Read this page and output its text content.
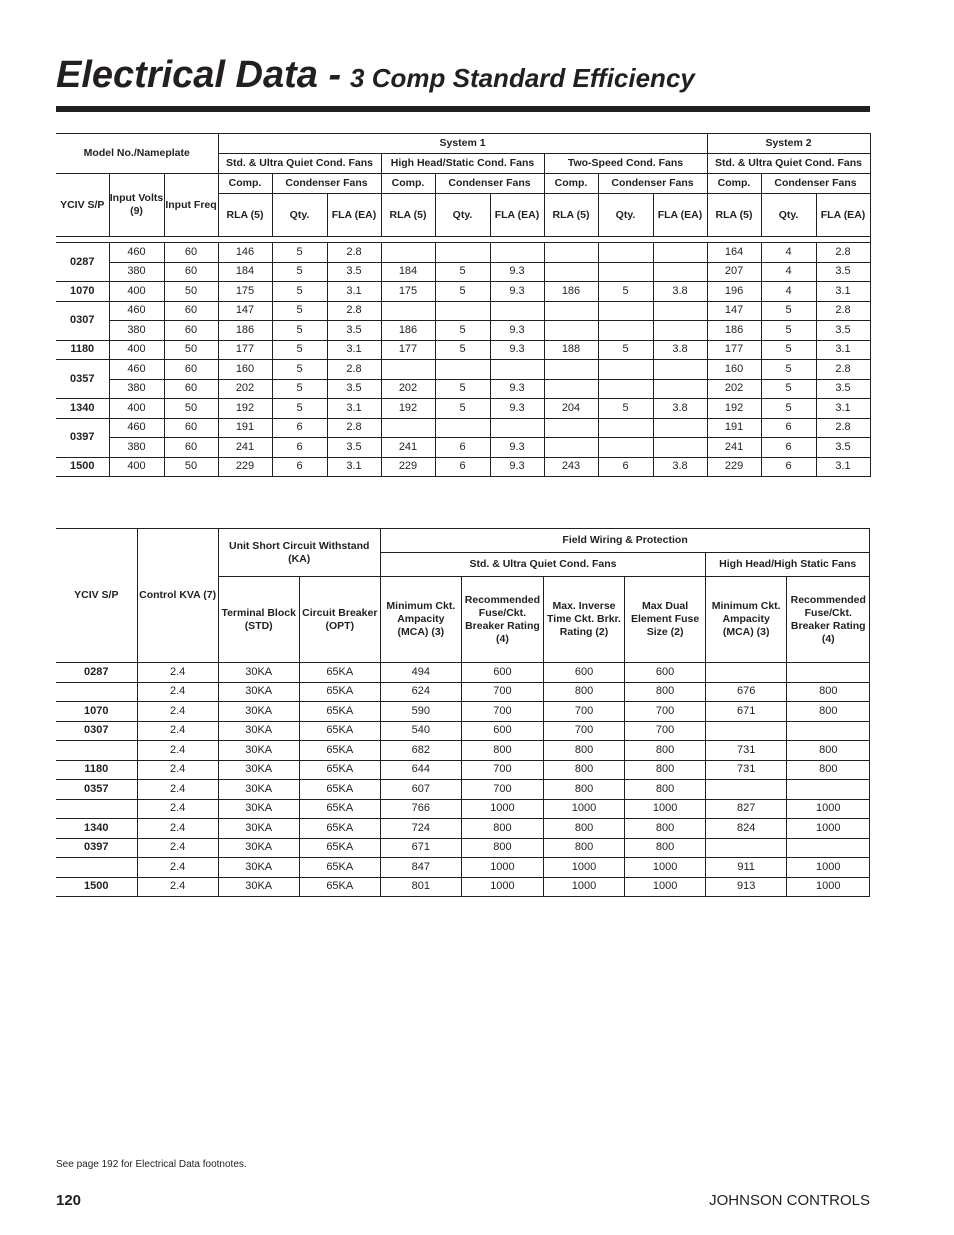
Electrical Data - 3 Comp Standard Efficiency
Model No./Nameplate			System 1									System 2			
			Std. & Ultra Quiet Cond. Fans			High Head/Static Cond. Fans			Two-Speed Cond. Fans			Std. & Ultra Quiet Cond. Fans			
YCIV S/P	Input Volts (9)	Input Freq	Comp.	Condenser Fans		Comp.	Condenser Fans		Comp.	Condenser Fans		Comp.	Condenser Fans		
			RLA (5)	Qty.	FLA (EA)	RLA (5)	Qty.	FLA (EA)	RLA (5)	Qty.	FLA (EA)	RLA (5)	Qty.	FLA (EA)	

0287	460	60	146	5	2.8							164	4	2.8	
	380	60	184	5	3.5	184	5	9.3				207	4	3.5	
1070	400	50	175	5	3.1	175	5	9.3	186	5	3.8	196	4	3.1	
0307	460	60	147	5	2.8							147	5	2.8	
	380	60	186	5	3.5	186	5	9.3				186	5	3.5	
1180	400	50	177	5	3.1	177	5	9.3	188	5	3.8	177	5	3.1	
0357	460	60	160	5	2.8							160	5	2.8	
	380	60	202	5	3.5	202	5	9.3				202	5	3.5	
1340	400	50	192	5	3.1	192	5	9.3	204	5	3.8	192	5	3.1	
0397	460	60	191	6	2.8							191	6	2.8	
	380	60	241	6	3.5	241	6	9.3				241	6	3.5	
1500	400	50	229	6	3.1	229	6	9.3	243	6	3.8	229	6	3.1	
YCIV S/P	Control KVA (7)	Unit Short Circuit Withstand (KA)		Field Wiring & Protection						
				Std. & Ultra Quiet Cond. Fans				High Head/High Static Fans		
		Terminal Block (STD)	Circuit Breaker (OPT)	Minimum Ckt. Ampacity (MCA) (3)	Recommended Fuse/Ckt. Breaker Rating (4)	Max. Inverse Time Ckt. Brkr. Rating (2)	Max Dual Element Fuse Size (2)	Minimum Ckt. Ampacity (MCA) (3)	Recommended Fuse/Ckt. Breaker Rating (4)	

0287	2.4	30KA	65KA	494	600	600	600			
	2.4	30KA	65KA	624	700	800	800	676	800	
1070	2.4	30KA	65KA	590	700	700	700	671	800	
0307	2.4	30KA	65KA	540	600	700	700			
	2.4	30KA	65KA	682	800	800	800	731	800	
1180	2.4	30KA	65KA	644	700	800	800	731	800	
0357	2.4	30KA	65KA	607	700	800	800			
	2.4	30KA	65KA	766	1000	1000	1000	827	1000	
1340	2.4	30KA	65KA	724	800	800	800	824	1000	
0397	2.4	30KA	65KA	671	800	800	800			
	2.4	30KA	65KA	847	1000	1000	1000	911	1000	
1500	2.4	30KA	65KA	801	1000	1000	1000	913	1000	
See page 192 for Electrical Data footnotes.
120	JOHNSON CONTROLS
